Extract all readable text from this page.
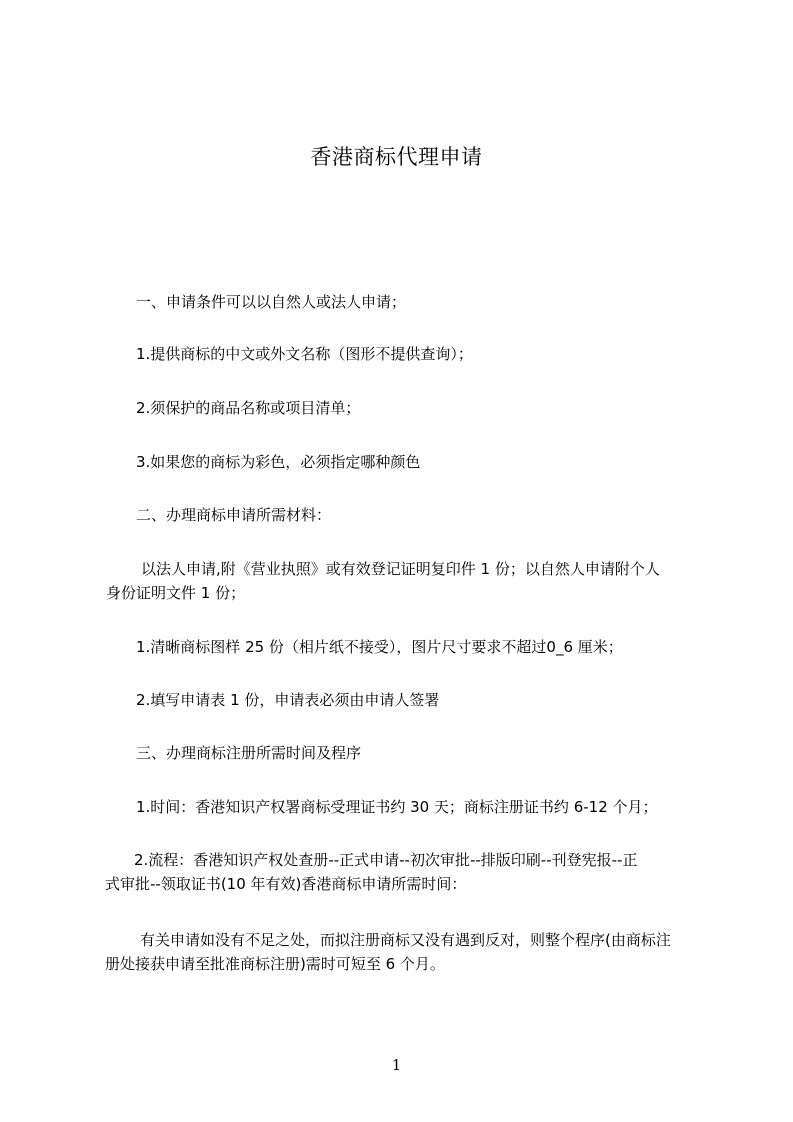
香港商标代理申请
一、申请条件可以以自然人或法人申请；
1.提供商标的中文或外文名称（图形不提供查询）；
2.须保护的商品名称或项目清单；
3.如果您的商标为彩色，必须指定哪种颜色
二、办理商标申请所需材料：
以法人申请,附《营业执照》或有效登记证明复印件 1 份；以自然人申请附个人
身份证明文件 1 份；
1.清晰商标图样 25 份（相片纸不接受），图片尺寸要求不超过0_6 厘米；
2.填写申请表 1 份，申请表必须由申请人签署
三、办理商标注册所需时间及程序
1.时间：香港知识产权署商标受理证书约 30 天；商标注册证书约 6-12 个月；
2.流程：香港知识产权处查册--正式申请--初次审批--排版印刷--刊登宪报--正
式审批--领取证书(10 年有效)香港商标申请所需时间：
有关申请如没有不足之处，而拟注册商标又没有遇到反对，则整个程序(由商标注
册处接获申请至批准商标注册)需时可短至 6 个月。
1
